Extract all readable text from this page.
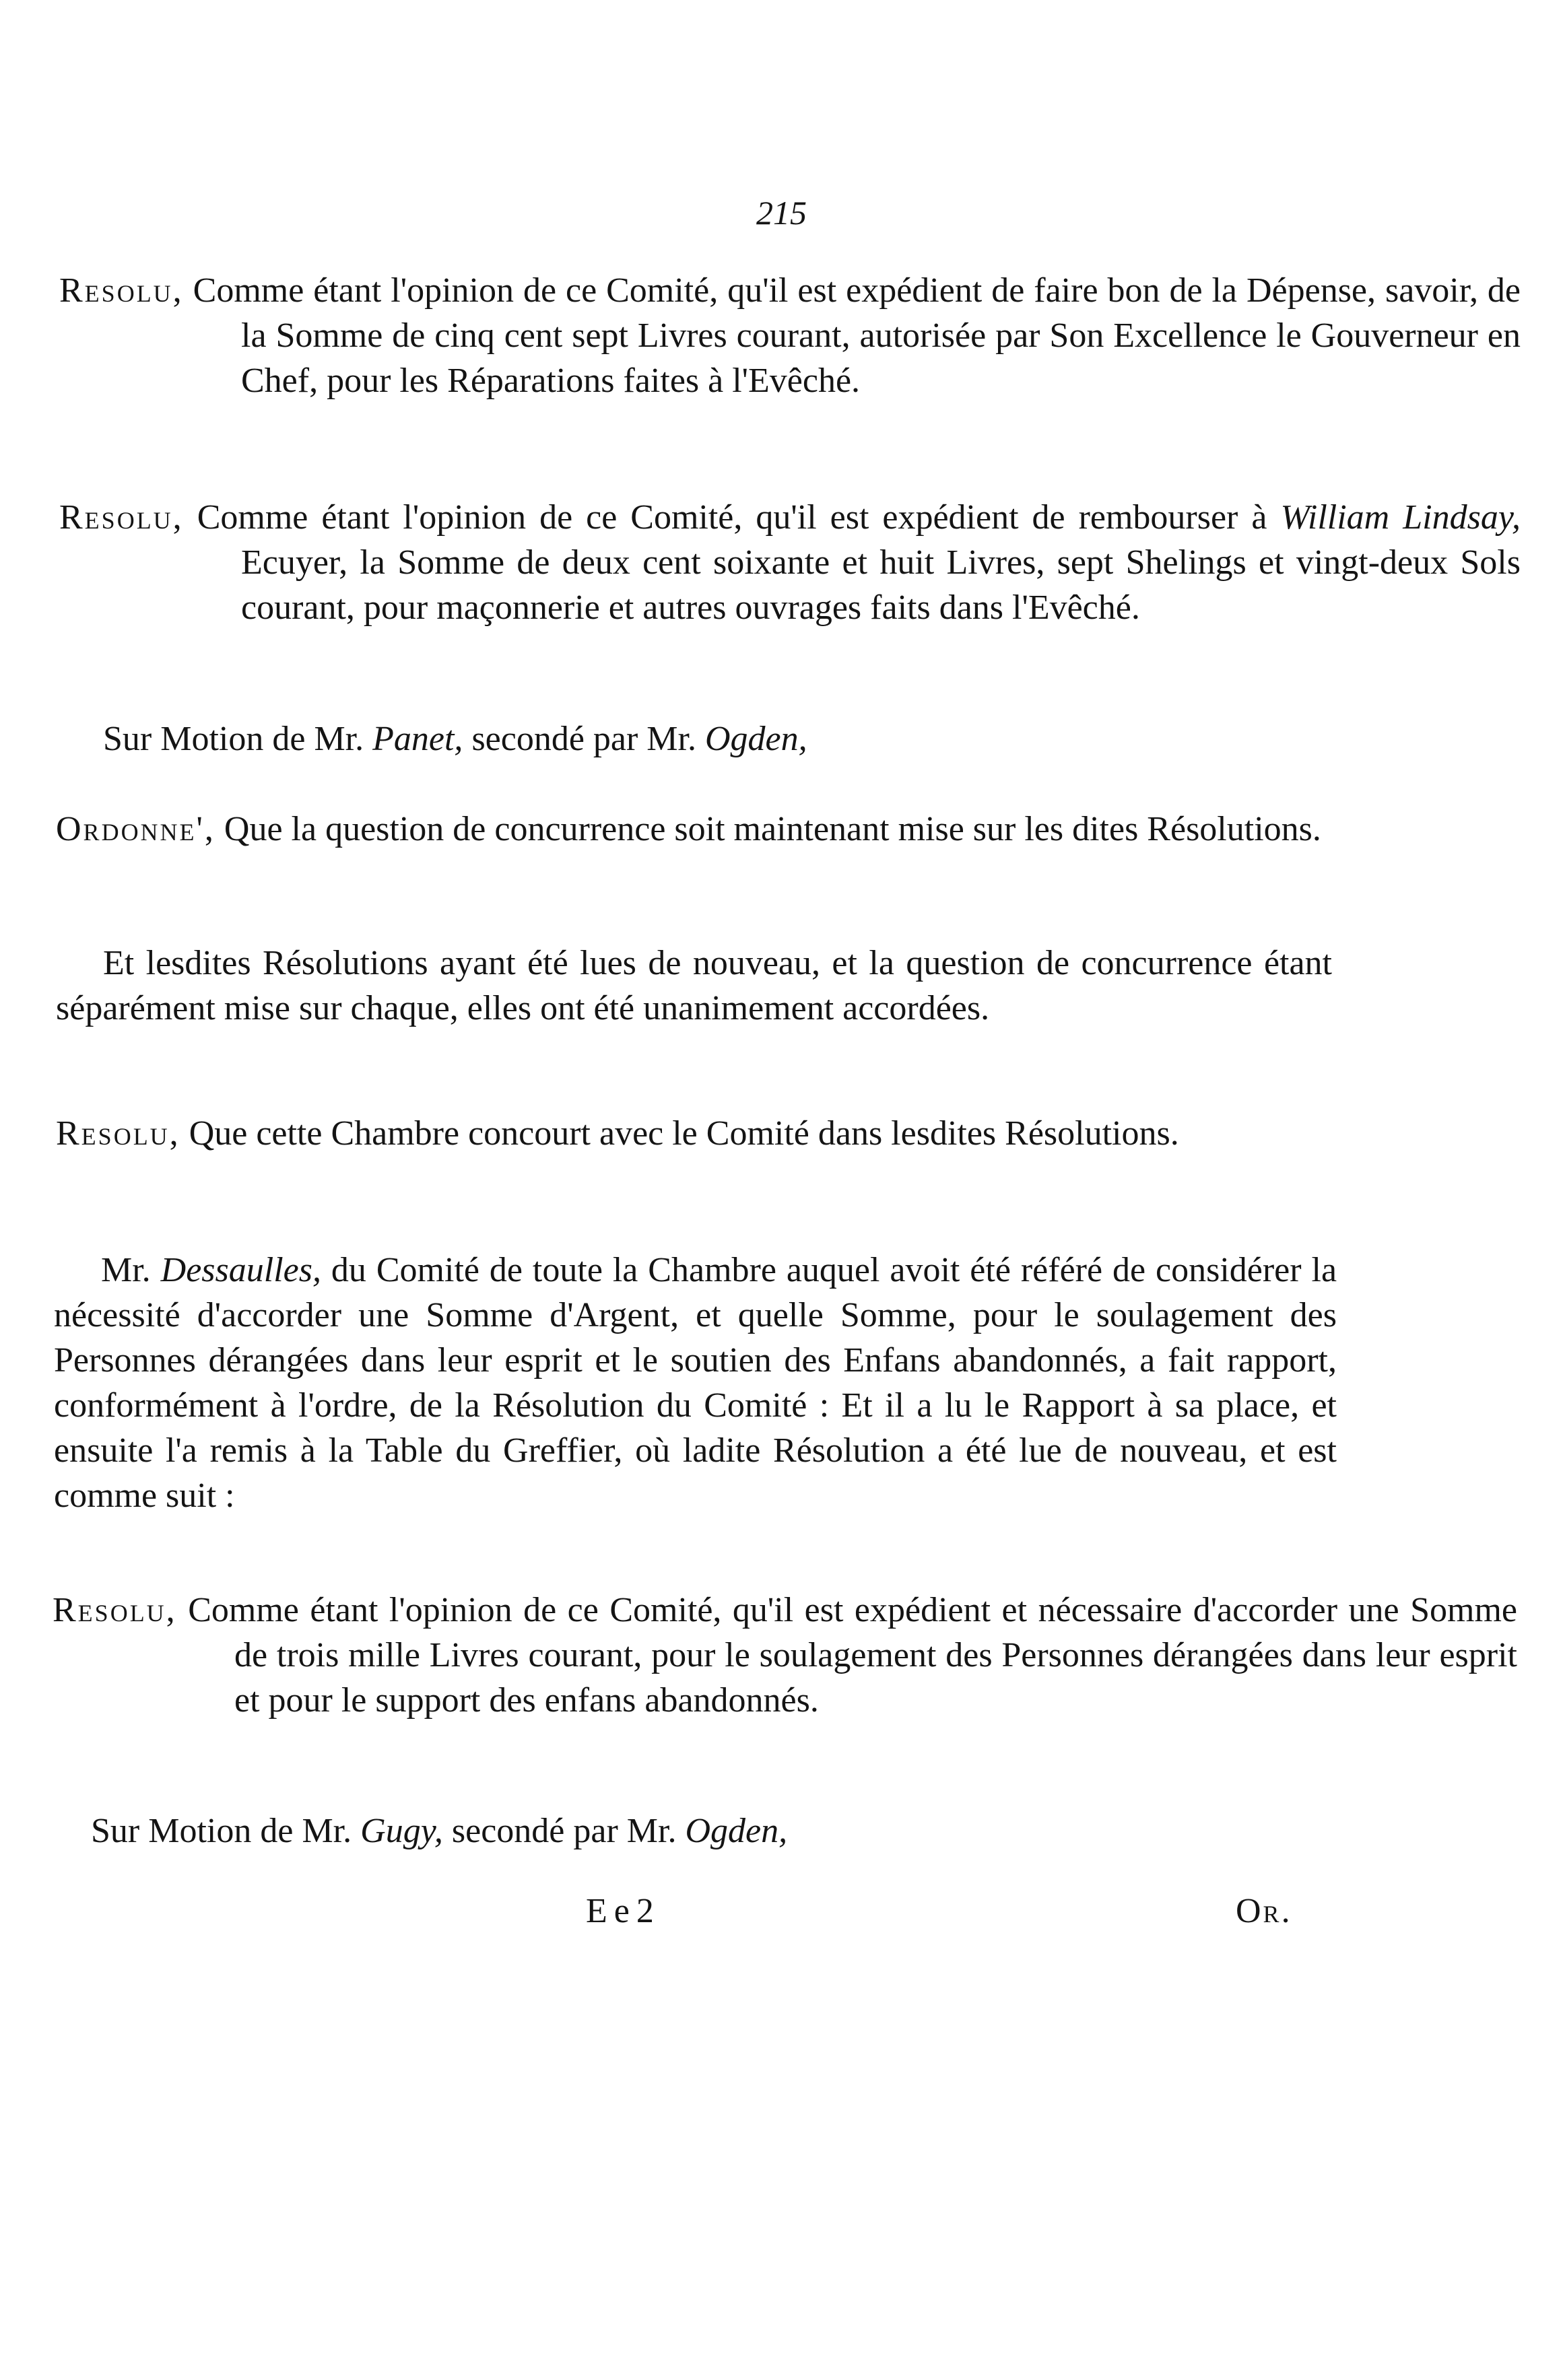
215
Resolu, Comme étant l'opinion de ce Comité, qu'il est expédient de faire bon de la Dépense, savoir, de la Somme de cinq cent sept Livres courant, autorisée par Son Excellence le Gouverneur en Chef, pour les Réparations faites à l'Evêché.
Resolu, Comme étant l'opinion de ce Comité, qu'il est expédient de rembourser à William Lindsay, Ecuyer, la Somme de deux cent soixante et huit Livres, sept Shelings et vingt-deux Sols courant, pour maçonnerie et autres ouvrages faits dans l'Evêché.
Sur Motion de Mr. Panet, secondé par Mr. Ogden,
Ordonne', Que la question de concurrence soit maintenant mise sur les dites Résolutions.
Et lesdites Résolutions ayant été lues de nouveau, et la question de concurrence étant séparément mise sur chaque, elles ont été unanimement accordées.
Resolu, Que cette Chambre concourt avec le Comité dans lesdites Résolutions.
Mr. Dessaulles, du Comité de toute la Chambre auquel avoit été référé de considérer la nécessité d'accorder une Somme d'Argent, et quelle Somme, pour le soulagement des Personnes dérangées dans leur esprit et le soutien des Enfans abandonnés, a fait rapport, conformément à l'ordre, de la Résolution du Comité : Et il a lu le Rapport à sa place, et ensuite l'a remis à la Table du Greffier, où ladite Résolution a été lue de nouveau, et est comme suit :
Resolu, Comme étant l'opinion de ce Comité, qu'il est expédient et nécessaire d'accorder une Somme de trois mille Livres courant, pour le soulagement des Personnes dérangées dans leur esprit et pour le support des enfans abandonnés.
Sur Motion de Mr. Gugy, secondé par Mr. Ogden,
Ee2	Or.
